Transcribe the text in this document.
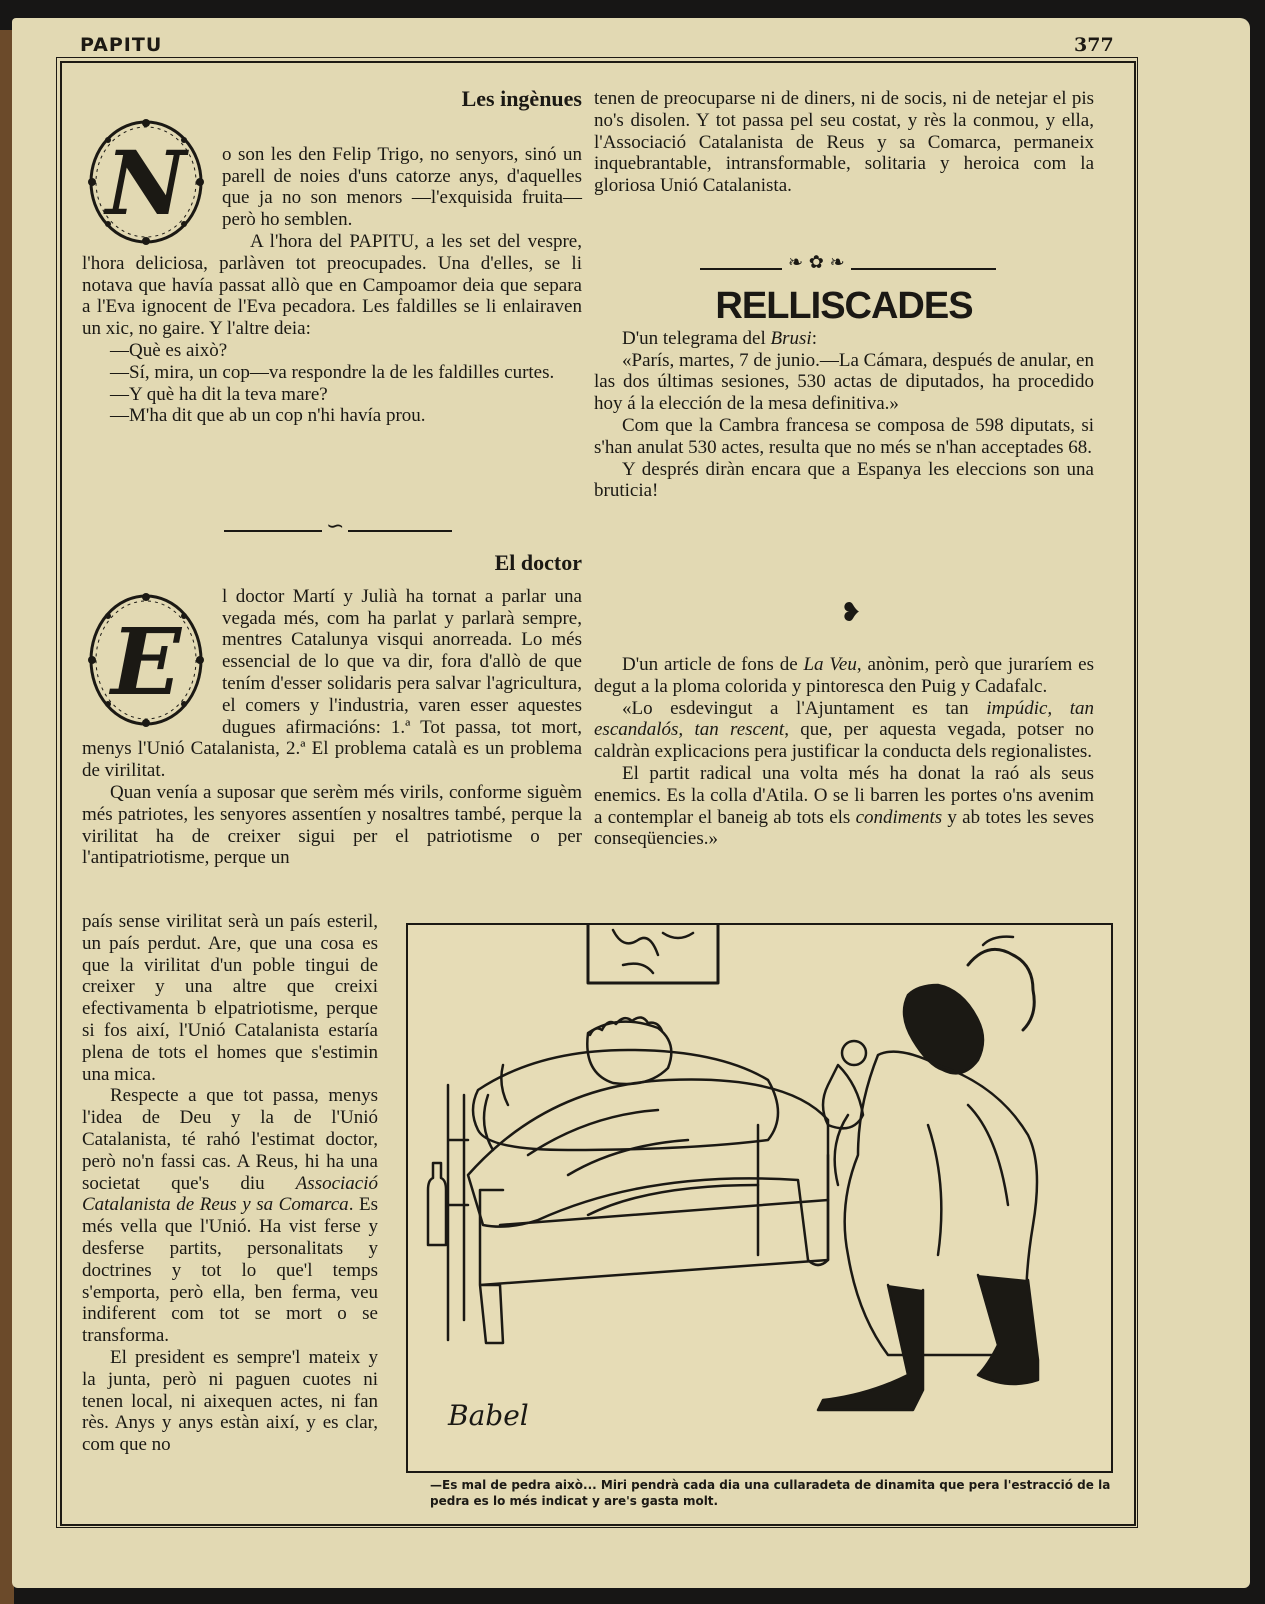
PAPITU	377
Les ingènues
N	o son les den Felip Trigo, no senyors, sinó un parell de noies d'uns catorze anys, d'aquelles que ja no son menors —l'exquisida fruita— però ho semblen.

A l'hora del PAPITU, a les set del vespre, l'hora deliciosa, parlàven tot preocupades. Una d'elles, se li notava que havía passat allò que en Campoamor deia que separa a l'Eva ignocent de l'Eva pecadora. Les faldilles se li enlairaven un xic, no gaire. Y l'altre deia:

—Què es això?

—Sí, mira, un cop—va respondre la de les faldilles curtes.

—Y què ha dit la teva mare?

—M'ha dit que ab un cop n'hi havía prou.

∽
El doctor
E

l doctor Martí y Julià ha tornat a parlar una vegada més, com ha parlat y parlarà sempre, mentres Catalunya visqui anorreada. Lo més essencial de lo que va dir, fora d'allò de que tením d'esser solidaris pera salvar l'agricultura, el comers y l'industria, varen esser aquestes dugues afirmacións: 1.ª Tot passa, tot mort, menys l'Unió Catalanista, 2.ª El problema català es un problema de virilitat.

Quan venía a suposar que serèm més virils, conforme siguèm més patriotes, les senyores assentíen y nosaltres també, perque la virilitat ha de creixer sigui per el patriotisme o per l'antipatriotisme, perque un

país sense virilitat serà un país esteril, un país perdut. Are, que una cosa es que la virilitat d'un poble tingui de creixer y una altre que creixi efectivamenta b elpatriotisme, perque si fos així, l'Unió Catalanista estaría plena de tots el homes que s'estimin una mica.

Respecte a que tot passa, menys l'idea de Deu y la de l'Unió Catalanista, té rahó l'estimat doctor, però no'n fassi cas. A Reus, hi ha una societat que's diu Associació Catalanista de Reus y sa Comarca. Es més vella que l'Unió. Ha vist ferse y desferse partits, personalitats y doctrines y tot lo que'l temps s'emporta, però ella, ben ferma, veu indiferent com tot se mort o se transforma.

El president es sempre'l mateix y la junta, però ni paguen cuotes ni tenen local, ni aixequen actes, ni fan rès. Anys y anys estàn així, y es clar, com que no

tenen de preocuparse ni de diners, ni de socis, ni de netejar el pis no's disolen. Y tot passa pel seu costat, y rès la conmou, y ella, l'Associació Catalanista de Reus y sa Comarca, permaneix inquebrantable, intransformable, solitaria y heroica com la gloriosa Unió Catalanista.

❧ ✿ ❧
RELLISCADES

D'un telegrama del Brusi:

«París, martes, 7 de junio.—La Cámara, después de anular, en las dos últimas sesiones, 530 actas de diputados, ha procedido hoy á la elección de la mesa definitiva.»

Com que la Cambra francesa se composa de 598 diputats, si s'han anulat 530 actes, resulta que no més se n'han acceptades 68.

Y després diràn encara que a Espanya les eleccions son una bruticia!

❥

D'un article de fons de La Veu, anònim, però que juraríem es degut a la ploma colorida y pintoresca den Puig y Cadafalc.

«Lo esdevingut a l'Ajuntament es tan impúdic, tan escandalós, tan rescent, que, per aquesta vegada, potser no caldràn explicacions pera justificar la conducta dels regionalistes.

El partit radical una volta més ha donat la raó als seus enemics. Es la colla d'Atila. O se li barren les portes o'ns avenim a contemplar el baneig ab tots els condiments y ab totes les seves conseqüencies.»

Babel
—Es mal de pedra això... Miri pendrà cada dia una cullaradeta de dinamita que pera l'estracció de la pedra es lo més indicat y are's gasta molt.
